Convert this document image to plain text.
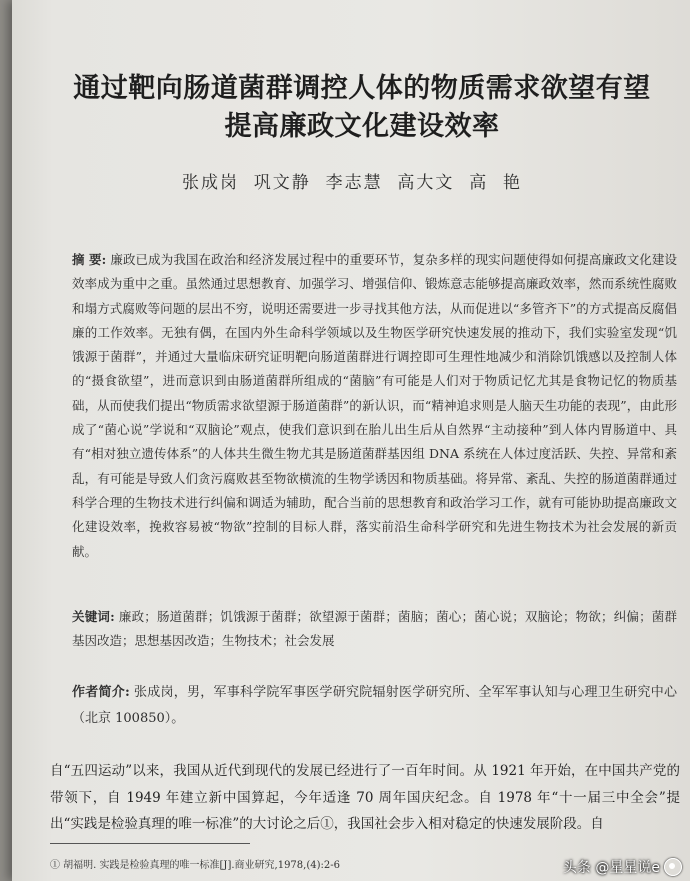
通过靶向肠道菌群调控人体的物质需求欲望有望
提高廉政文化建设效率
张成岗  巩文静  李志慧  高大文  高  艳
摘 要: 廉政已成为我国在政治和经济发展过程中的重要环节，复杂多样的现实问题使得如何提高廉政文化建设效率成为重中之重。虽然通过思想教育、加强学习、增强信仰、锻炼意志能够提高廉政效率，然而系统性腐败和塌方式腐败等问题的层出不穷，说明还需要进一步寻找其他方法，从而促进以“多管齐下”的方式提高反腐倡廉的工作效率。无独有偶，在国内外生命科学领域以及生物医学研究快速发展的推动下，我们实验室发现“饥饿源于菌群”，并通过大量临床研究证明靶向肠道菌群进行调控即可生理性地减少和消除饥饿感以及控制人体的“摄食欲望”，进而意识到由肠道菌群所组成的“菌脑”有可能是人们对于物质记忆尤其是食物记忆的物质基础，从而使我们提出“物质需求欲望源于肠道菌群”的新认识，而“精神追求则是人脑天生功能的表现”，由此形成了“菌心说”学说和“双脑论”观点，使我们意识到在胎儿出生后从自然界“主动接种”到人体内胃肠道中、具有“相对独立遗传体系”的人体共生微生物尤其是肠道菌群基因组 DNA 系统在人体过度活跃、失控、异常和紊乱，有可能是导致人们贪污腐败甚至物欲横流的生物学诱因和物质基础。将异常、紊乱、失控的肠道菌群通过科学合理的生物技术进行纠偏和调适为辅助，配合当前的思想教育和政治学习工作，就有可能协助提高廉政文化建设效率，挽救容易被“物欲”控制的目标人群，落实前沿生命科学研究和先进生物技术为社会发展的新贡献。
关键词: 廉政；肠道菌群；饥饿源于菌群；欲望源于菌群；菌脑；菌心；菌心说；双脑论；物欲；纠偏；菌群基因改造；思想基因改造；生物技术；社会发展
作者简介: 张成岗，男，军事科学院军事医学研究院辐射医学研究所、全军军事认知与心理卫生研究中心（北京 100850）。
自“五四运动”以来，我国从近代到现代的发展已经进行了一百年时间。从 1921 年开始，在中国共产党的带领下，自 1949 年建立新中国算起，今年适逢 70 周年国庆纪念。自 1978 年“十一届三中全会”提出“实践是检验真理的唯一标准”的大讨论之后①，我国社会步入相对稳定的快速发展阶段。自
① 胡福明. 实践是检验真理的唯一标准[J].商业研究,1978,(4):2-6	头条 @星星说e
